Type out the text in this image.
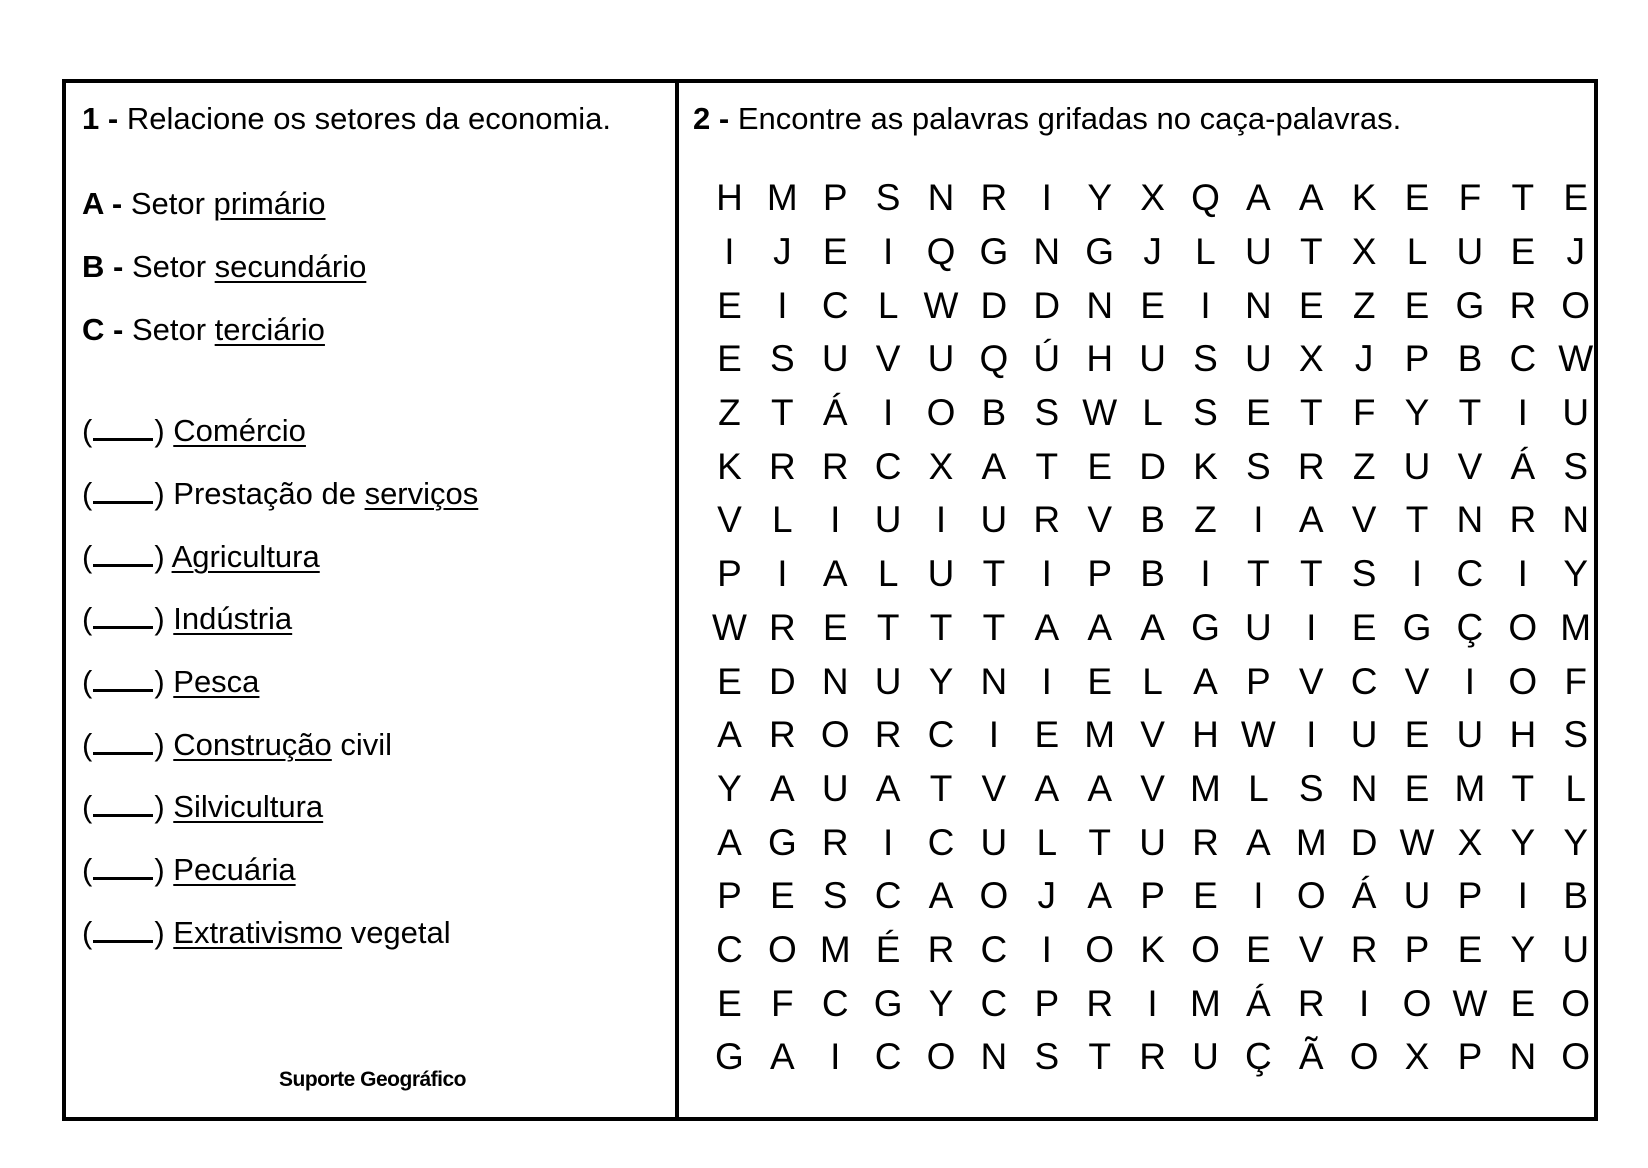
1 - Relacione os setores da economia.
A - Setor primário
B - Setor secundário
C - Setor terciário
( ) Comércio
( ) Prestação de serviços
( ) Agricultura
( ) Indústria
( ) Pesca
( ) Construção civil
( ) Silvicultura
( ) Pecuária
( ) Extrativismo vegetal
Suporte Geográfico
2 - Encontre as palavras grifadas no caça-palavras.
H M P S N R I Y X Q A A K E F T E
I	J E I Q G N G J L U T X L U E J
E I C L W D D N E I N E Z E G R O
E S U V U Q Ú H U S U X J P B C W
Z T Á I O B S W L S E T F Y T I U
K R R C X A T E D K S R Z U V Á S
V L	I U I U R V B Z I A V T N R N
P I A L U T I P B I T T S I C I Y
W R E T T T A A A G U I E G Ç O M
E D N U Y N I E L A P V C V I O F
A R O R C I E M V H W I U E U H S
Y A U A T V A A V M L S N E M T L
A G R I C U L T U R A M D W X Y Y
P E S C A O J A P E I O Á U P I B
C O M É R C I O K O E V R P E Y U
E F C G Y C P R I M Á R I O W E O
G A I C O N S T R U Ç Ã O X P N O
